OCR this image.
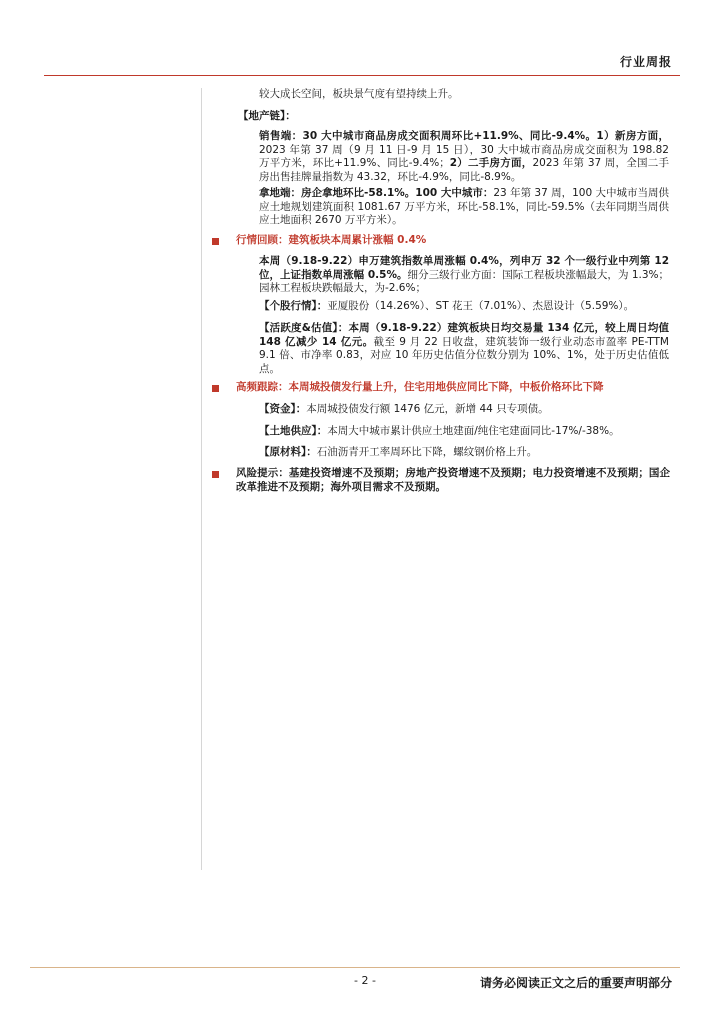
行业周报

较大成长空间，板块景气度有望持续上升。

【地产链】：

销售端：30 大中城市商品房成交面积周环比+11.9%、同比-9.4%。1）新房方面，2023 年第 37 周（9 月 11 日-9 月 15 日），30 大中城市商品房成交面积为 198.82 万平方米，环比+11.9%、同比-9.4%；2）二手房方面，2023 年第 37 周，全国二手房出售挂牌量指数为 43.32，环比-4.9%，同比-8.9%。

拿地端：房企拿地环比-58.1%。100 大中城市：23 年第 37 周，100 大中城市当周供应土地规划建筑面积 1081.67 万平方米，环比-58.1%，同比-59.5%（去年同期当周供应土地面积 2670 万平方米）。

行情回顾：建筑板块本周累计涨幅 0.4%

本周（9.18-9.22）申万建筑指数单周涨幅 0.4%，列申万 32 个一级行业中列第 12 位，上证指数单周涨幅 0.5%。细分三级行业方面：国际工程板块涨幅最大，为 1.3%；园林工程板块跌幅最大，为-2.6%；

【个股行情】：亚厦股份（14.26%）、ST 花王（7.01%）、杰恩设计（5.59%）。

【活跃度&估值】：本周（9.18-9.22）建筑板块日均交易量 134 亿元，较上周日均值 148 亿减少 14 亿元。截至 9 月 22 日收盘，建筑装饰一级行业动态市盈率 PE-TTM 9.1 倍、市净率 0.83，对应 10 年历史估值分位数分别为 10%、1%，处于历史估值低点。

高频跟踪：本周城投债发行量上升，住宅用地供应同比下降，中板价格环比下降

【资金】：本周城投债发行额 1476 亿元，新增 44 只专项债。

【土地供应】：本周大中城市累计供应土地建面/纯住宅建面同比-17%/-38%。

【原材料】：石油沥青开工率周环比下降，螺纹钢价格上升。

风险提示：基建投资增速不及预期；房地产投资增速不及预期；电力投资增速不及预期；国企改革推进不及预期；海外项目需求不及预期。

- 2 -	请务必阅读正文之后的重要声明部分
